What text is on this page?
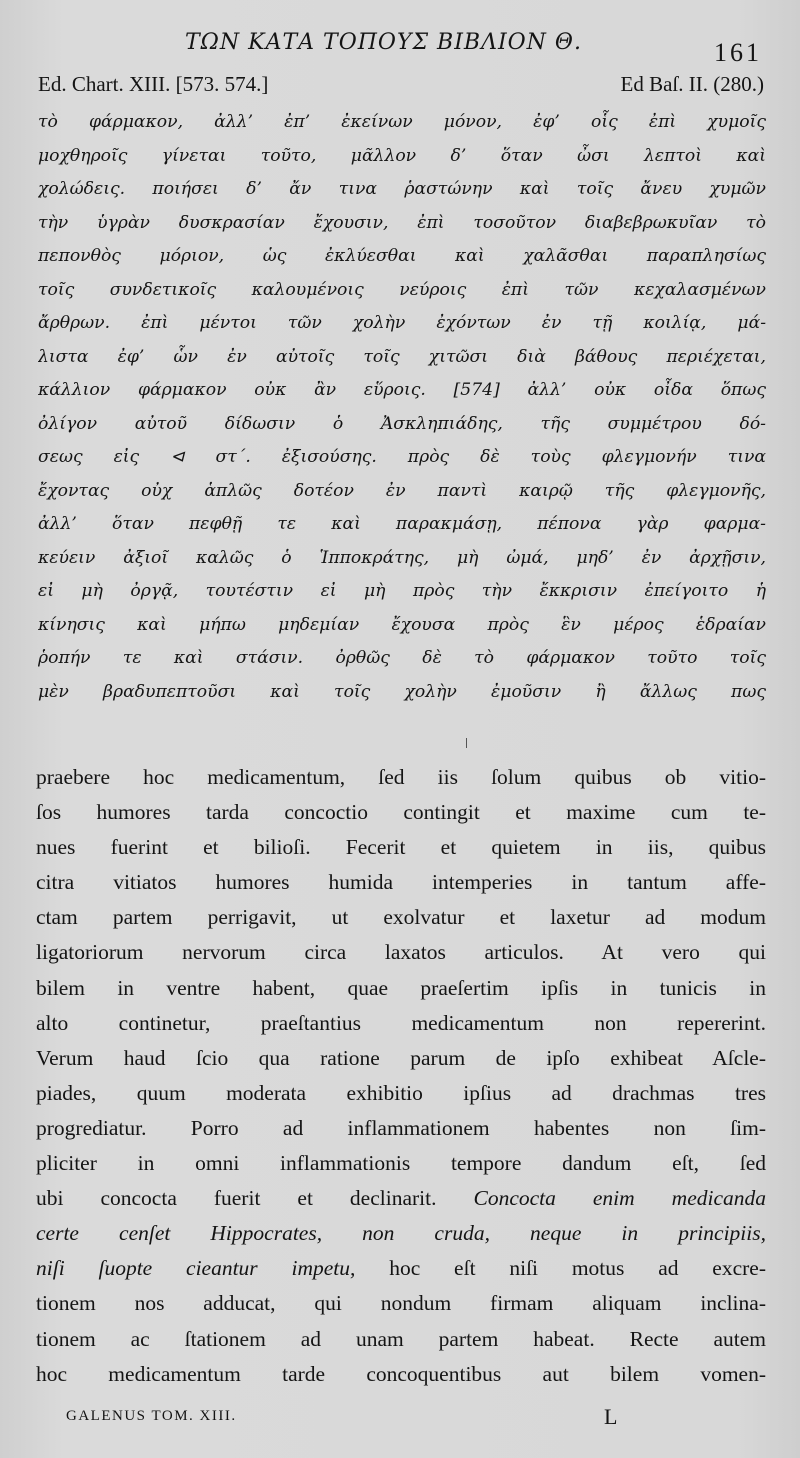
ΤΩΝ ΚΑΤΑ ΤΟΠΟΥΣ ΒΙΒΛΙΟΝ Θ.	161
Ed. Chart. XIII. [573. 574.]	Ed Baſ. II. (280.)
τὸ φάρμακον, ἀλλ’ ἐπ’ ἐκείνων μόνον, ἐφ’ οἷς ἐπὶ χυμοῖς
μοχθηροῖς γίνεται τοῦτο, μᾶλλον δ’ ὅταν ὦσι λεπτοὶ καὶ
χολώδεις. ποιήσει δ’ ἄν τινα ῥαστώνην καὶ τοῖς ἄνευ χυμῶν
τὴν ὑγρὰν δυσκρασίαν ἔχουσιν, ἐπὶ τοσοῦτον διαβεβρωκυῖαν τὸ
πεπονθὸς μόριον, ὡς ἐκλύεσθαι καὶ χαλᾶσθαι παραπλησίως
τοῖς συνδετικοῖς καλουμένοις νεύροις ἐπὶ τῶν κεχαλασμένων
ἄρθρων. ἐπὶ μέντοι τῶν χολὴν ἐχόντων ἐν τῇ κοιλίᾳ, μά-
λιστα ἐφ’ ὧν ἐν αὐτοῖς τοῖς χιτῶσι διὰ βάθους περιέχεται,
κάλλιον φάρμακον οὐκ ἂν εὕροις. [574] ἀλλ’ οὐκ οἶδα ὅπως
ὀλίγον αὐτοῦ δίδωσιν ὁ Ἀσκληπιάδης, τῆς συμμέτρου δό-
σεως εἰς ⊲ στ΄. ἐξισούσης. πρὸς δὲ τοὺς φλεγμονήν τινα
ἔχοντας οὐχ ἁπλῶς δοτέον ἐν παντὶ καιρῷ τῆς φλεγμονῆς,
ἀλλ’ ὅταν πεφθῇ τε καὶ παρακμάσῃ, πέπονα γὰρ φαρμα-
κεύειν ἀξιοῖ καλῶς ὁ Ἱπποκράτης, μὴ ὠμά, μηδ’ ἐν ἀρχῇσιν,
εἰ μὴ ὀργᾷ, τουτέστιν εἰ μὴ πρὸς τὴν ἔκκρισιν ἐπείγοιτο ἡ
κίνησις καὶ μήπω μηδεμίαν ἔχουσα πρὸς ἓν μέρος ἑδραίαν
ῥοπήν τε καὶ στάσιν. ὀρθῶς δὲ τὸ φάρμακον τοῦτο τοῖς
μὲν βραδυπεπτοῦσι καὶ τοῖς χολὴν ἐμοῦσιν ἢ ἄλλως πως
praebere hoc medicamentum, ſed iis ſolum quibus ob vitio-
ſos humores tarda concoctio contingit et maxime cum te-
nues fuerint et bilioſi. Fecerit et quietem in iis, quibus
citra vitiatos humores humida intemperies in tantum affe-
ctam partem perrigavit, ut exolvatur et laxetur ad modum
ligatoriorum nervorum circa laxatos articulos. At vero qui
bilem in ventre habent, quae praeſertim ipſis in tunicis in
alto continetur, praeſtantius medicamentum non repererint.
Verum haud ſcio qua ratione parum de ipſo exhibeat Aſcle-
piades, quum moderata exhibitio ipſius ad drachmas tres
progrediatur. Porro ad inflammationem habentes non ſim-
pliciter in omni inflammationis tempore dandum eſt, ſed
ubi concocta fuerit et declinarit. Concocta enim medicanda
certe cenſet Hippocrates, non cruda, neque in principiis,
niſi ſuopte cieantur impetu, hoc eſt niſi motus ad excre-
tionem nos adducat, qui nondum firmam aliquam inclina-
tionem ac ſtationem ad unam partem habeat. Recte autem
hoc medicamentum tarde concoquentibus aut bilem vomen-
GALENUS TOM. XIII.	L
